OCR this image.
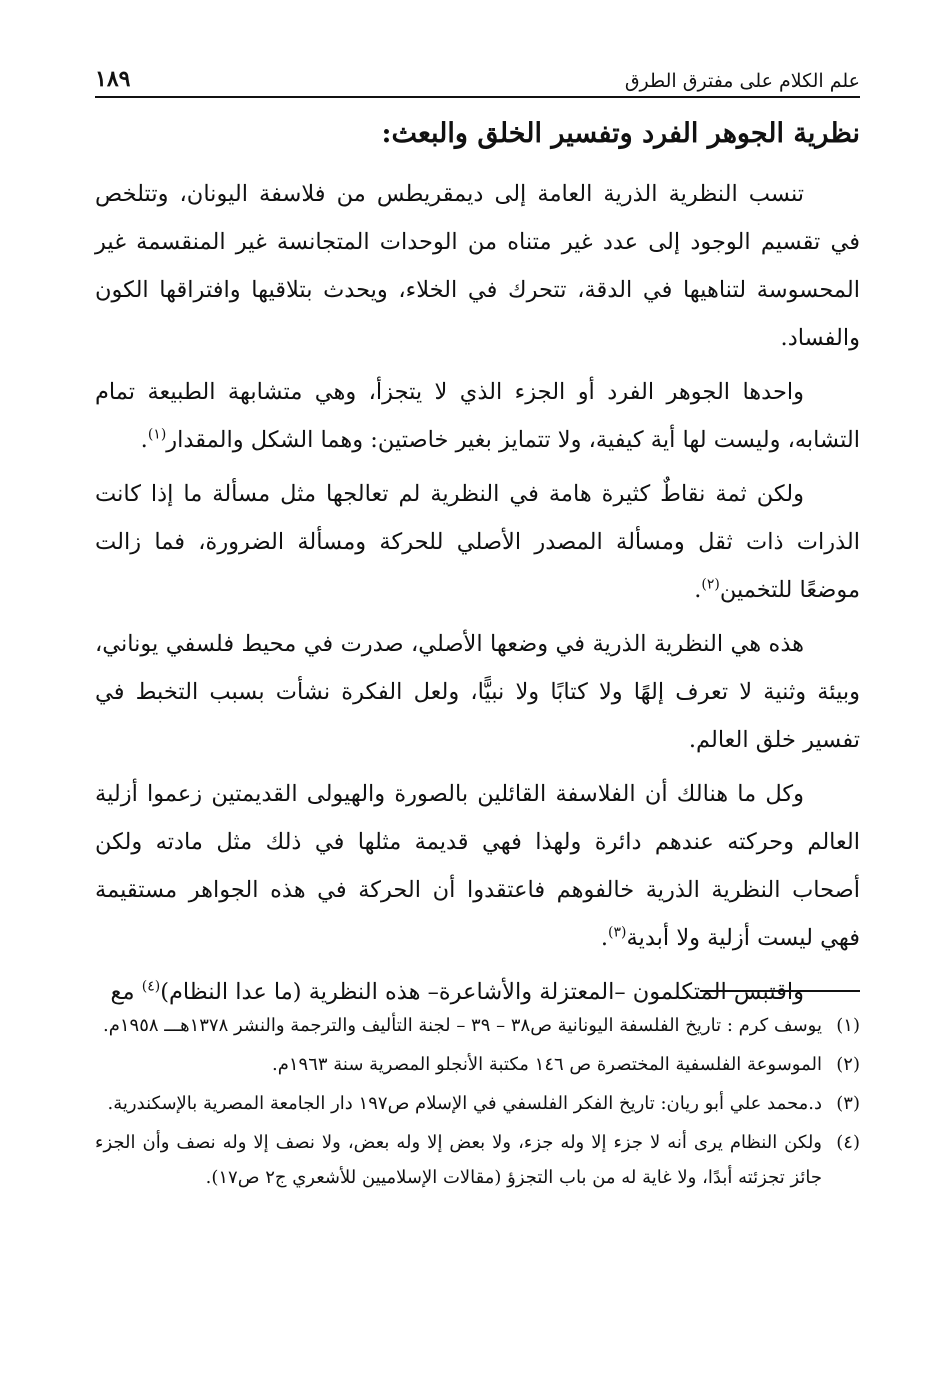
علم الكلام على مفترق الطرق
١٨٩
نظرية الجوهر الفرد وتفسير الخلق والبعث:

تنسب النظرية الذرية العامة إلى ديمقريطس من فلاسفة اليونان، وتتلخص في تقسيم الوجود إلى عدد غير متناه من الوحدات المتجانسة غير المنقسمة غير المحسوسة لتناهيها في الدقة، تتحرك في الخلاء، ويحدث بتلاقيها وافتراقها الكون والفساد.

واحدها الجوهر الفرد أو الجزء الذي لا يتجزأ، وهي متشابهة الطبيعة تمام التشابه، وليست لها أية كيفية، ولا تتمايز بغير خاصتين: وهما الشكل والمقدار$^{(١)}$.

ولكن ثمة نقاطٌ كثيرة هامة في النظرية لم تعالجها مثل مسألة ما إذا كانت الذرات ذات ثقل ومسألة المصدر الأصلي للحركة ومسألة الضرورة، فما زالت موضعًا للتخمين$^{(٢)}$.

هذه هي النظرية الذرية في وضعها الأصلي، صدرت في محيط فلسفي يوناني، وبيئة وثنية لا تعرف إلهًا ولا كتابًا ولا نبيًّا، ولعل الفكرة نشأت بسبب التخبط في تفسير خلق العالم.

وكل ما هنالك أن الفلاسفة القائلين بالصورة والهيولى القديمتين زعموا أزلية العالم وحركته عندهم دائرة ولهذا فهي قديمة مثلها في ذلك مثل مادته ولكن أصحاب النظرية الذرية خالفوهم فاعتقدوا أن الحركة في هذه الجواهر مستقيمة فهي ليست أزلية ولا أبدية$^{(٣)}$.

واقتبس المتكلمون –المعتزلة والأشاعرة– هذه النظرية (ما عدا النظام)$^{(٤)}$ مع

(١)
يوسف كرم : تاريخ الفلسفة اليونانية ص٣٨ – ٣٩ – لجنة التأليف والترجمة والنشر ١٣٧٨هـــ ١٩٥٨م.
(٢)
الموسوعة الفلسفية المختصرة ص ١٤٦ مكتبة الأنجلو المصرية سنة ١٩٦٣م.
(٣)
د.محمد علي أبو ريان: تاريخ الفكر الفلسفي في الإسلام ص١٩٧ دار الجامعة المصرية بالإسكندرية.
(٤)
ولكن النظام يرى أنه لا جزء إلا وله جزء، ولا بعض إلا وله بعض، ولا نصف إلا وله نصف وأن الجزء جائز تجزئته أبدًا، ولا غاية له من باب التجزؤ (مقالات الإسلاميين للأشعري ج٢ ص١٧).
